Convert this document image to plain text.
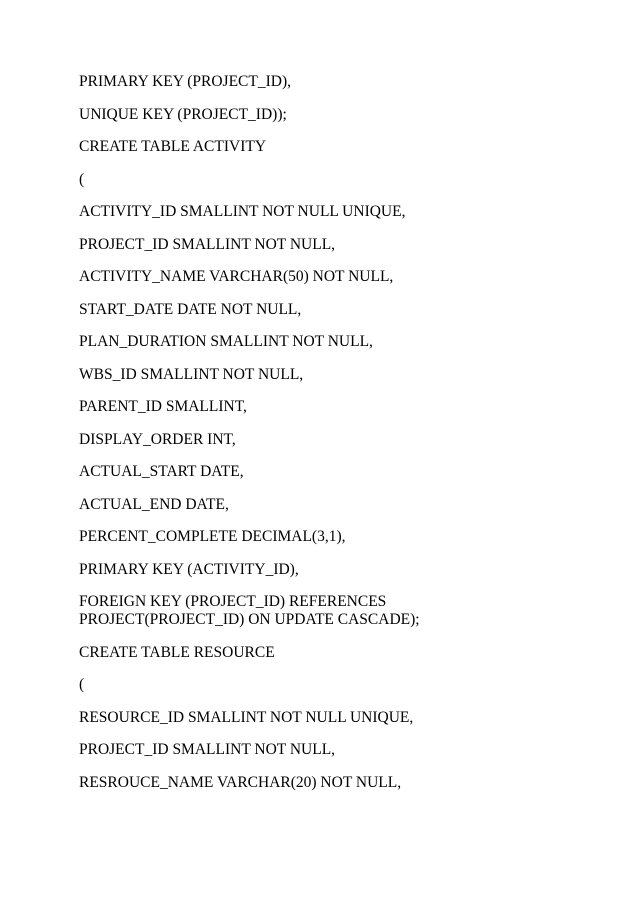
PRIMARY KEY (PROJECT_ID),
UNIQUE KEY (PROJECT_ID));
CREATE TABLE ACTIVITY
(
ACTIVITY_ID SMALLINT NOT NULL UNIQUE,
PROJECT_ID SMALLINT NOT NULL,
ACTIVITY_NAME VARCHAR(50) NOT NULL,
START_DATE DATE NOT NULL,
PLAN_DURATION SMALLINT NOT NULL,
WBS_ID SMALLINT NOT NULL,
PARENT_ID SMALLINT,
DISPLAY_ORDER INT,
ACTUAL_START DATE,
ACTUAL_END DATE,
PERCENT_COMPLETE DECIMAL(3,1),
PRIMARY KEY (ACTIVITY_ID),
FOREIGN KEY (PROJECT_ID) REFERENCES
PROJECT(PROJECT_ID) ON UPDATE CASCADE);
CREATE TABLE RESOURCE
(
RESOURCE_ID SMALLINT NOT NULL UNIQUE,
PROJECT_ID SMALLINT NOT NULL,
RESROUCE_NAME VARCHAR(20) NOT NULL,
